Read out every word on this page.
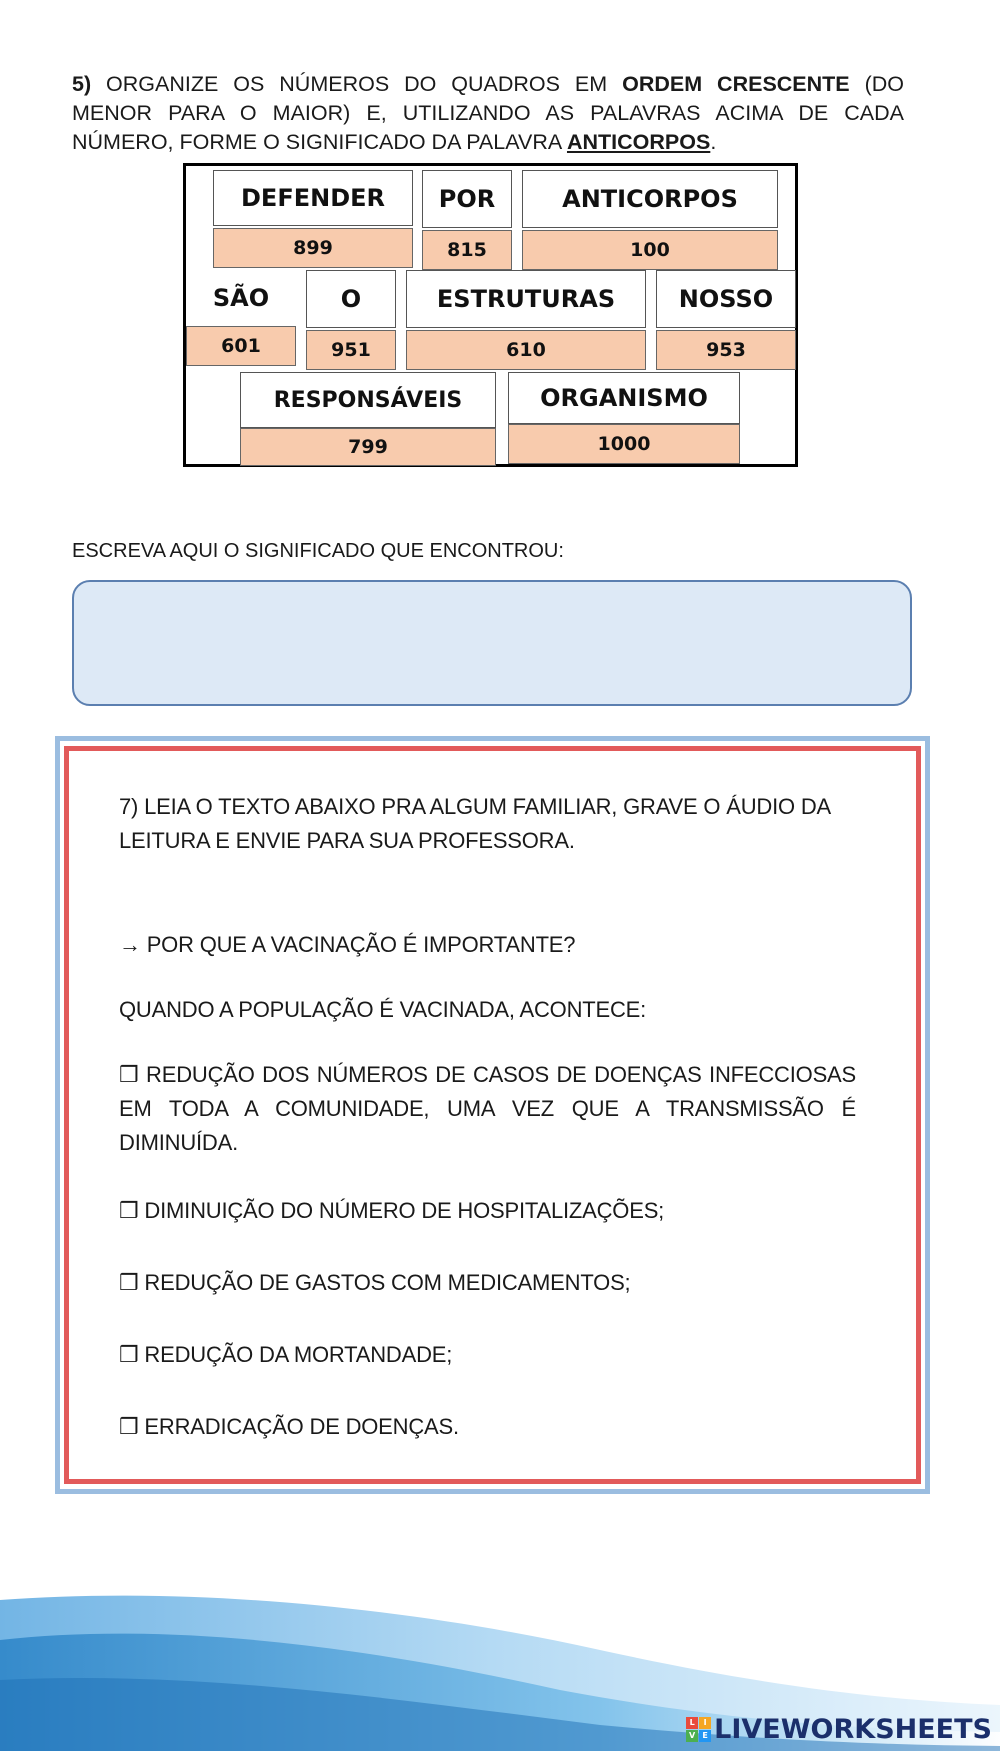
5) ORGANIZE OS NÚMEROS DO QUADROS EM ORDEM CRESCENTE (DO MENOR PARA O MAIOR) E, UTILIZANDO AS PALAVRAS ACIMA DE CADA NÚMERO, FORME O SIGNIFICADO DA PALAVRA ANTICORPOS.
DEFENDER
899
POR
815
ANTICORPOS
100
SÃO
601
O
951
ESTRUTURAS
610
NOSSO
953
RESPONSÁVEIS
799
ORGANISMO
1000
ESCREVA AQUI O SIGNIFICADO QUE ENCONTROU:

7) LEIA O TEXTO ABAIXO PRA ALGUM FAMILIAR, GRAVE O ÁUDIO DA LEITURA E ENVIE PARA SUA PROFESSORA.

→ POR QUE A VACINAÇÃO É IMPORTANTE?

QUANDO A POPULAÇÃO É VACINADA, ACONTECE:

❒ REDUÇÃO DOS NÚMEROS DE CASOS DE DOENÇAS INFECCIOSAS EM TODA A COMUNIDADE, UMA VEZ QUE A TRANSMISSÃO É DIMINUÍDA.

❒ DIMINUIÇÃO DO NÚMERO DE HOSPITALIZAÇÕES;

❒ REDUÇÃO DE GASTOS COM MEDICAMENTOS;

❒ REDUÇÃO DA MORTANDADE;

❒ ERRADICAÇÃO DE DOENÇAS.

L	I
V E LIVEWORKSHEETS
